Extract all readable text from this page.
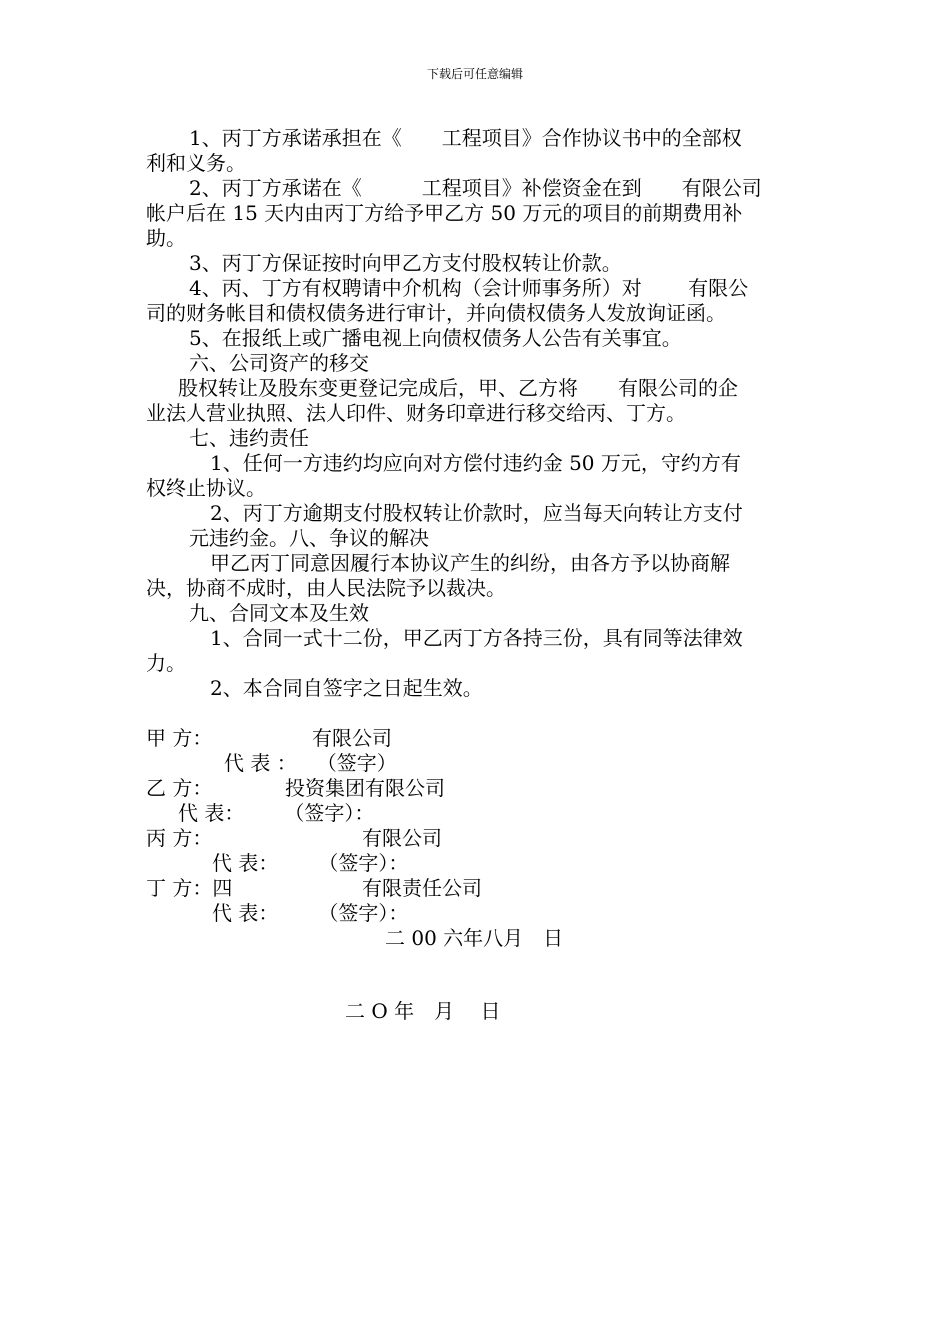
下载后可任意编辑
1、丙丁方承诺承担在《　　工程项目》合作协议书中的全部权
利和义务。
2、丙丁方承诺在《　　　工程项目》补偿资金在到　　有限公司
帐户后在 15 天内由丙丁方给予甲乙方 50 万元的项目的前期费用补
助。
3、丙丁方保证按时向甲乙方支付股权转让价款。
4、丙、丁方有权聘请中介机构（会计师事务所）对　　 有限公
司的财务帐目和债权债务进行审计，并向债权债务人发放询证函。
5、在报纸上或广播电视上向债权债务人公告有关事宜。
六、公司资产的移交
股权转让及股东变更登记完成后，甲、乙方将　　有限公司的企
业法人营业执照、法人印件、财务印章进行移交给丙、丁方。
七、违约责任
1、任何一方违约均应向对方偿付违约金 50 万元，守约方有
权终止协议。
2、丙丁方逾期支付股权转让价款时，应当每天向转让方支付
元违约金。八、争议的解决
甲乙丙丁同意因履行本协议产生的纠纷，由各方予以协商解
决，协商不成时，由人民法院予以裁决。
九、合同文本及生效
1、合同一式十二份，甲乙丙丁方各持三份，具有同等法律效
力。
2、本合同自签字之日起生效。
甲 方：	有限公司
代 表 ：　　（签字）
乙 方：	投资集团有限公司
代 表：　　　（签字）：
丙 方：	有限公司
代 表：　　　（签字）：
丁 方：四	有限责任公司
代 表：　　　（签字）：
二 00 六年八月　日
二 O 年　月　 日
